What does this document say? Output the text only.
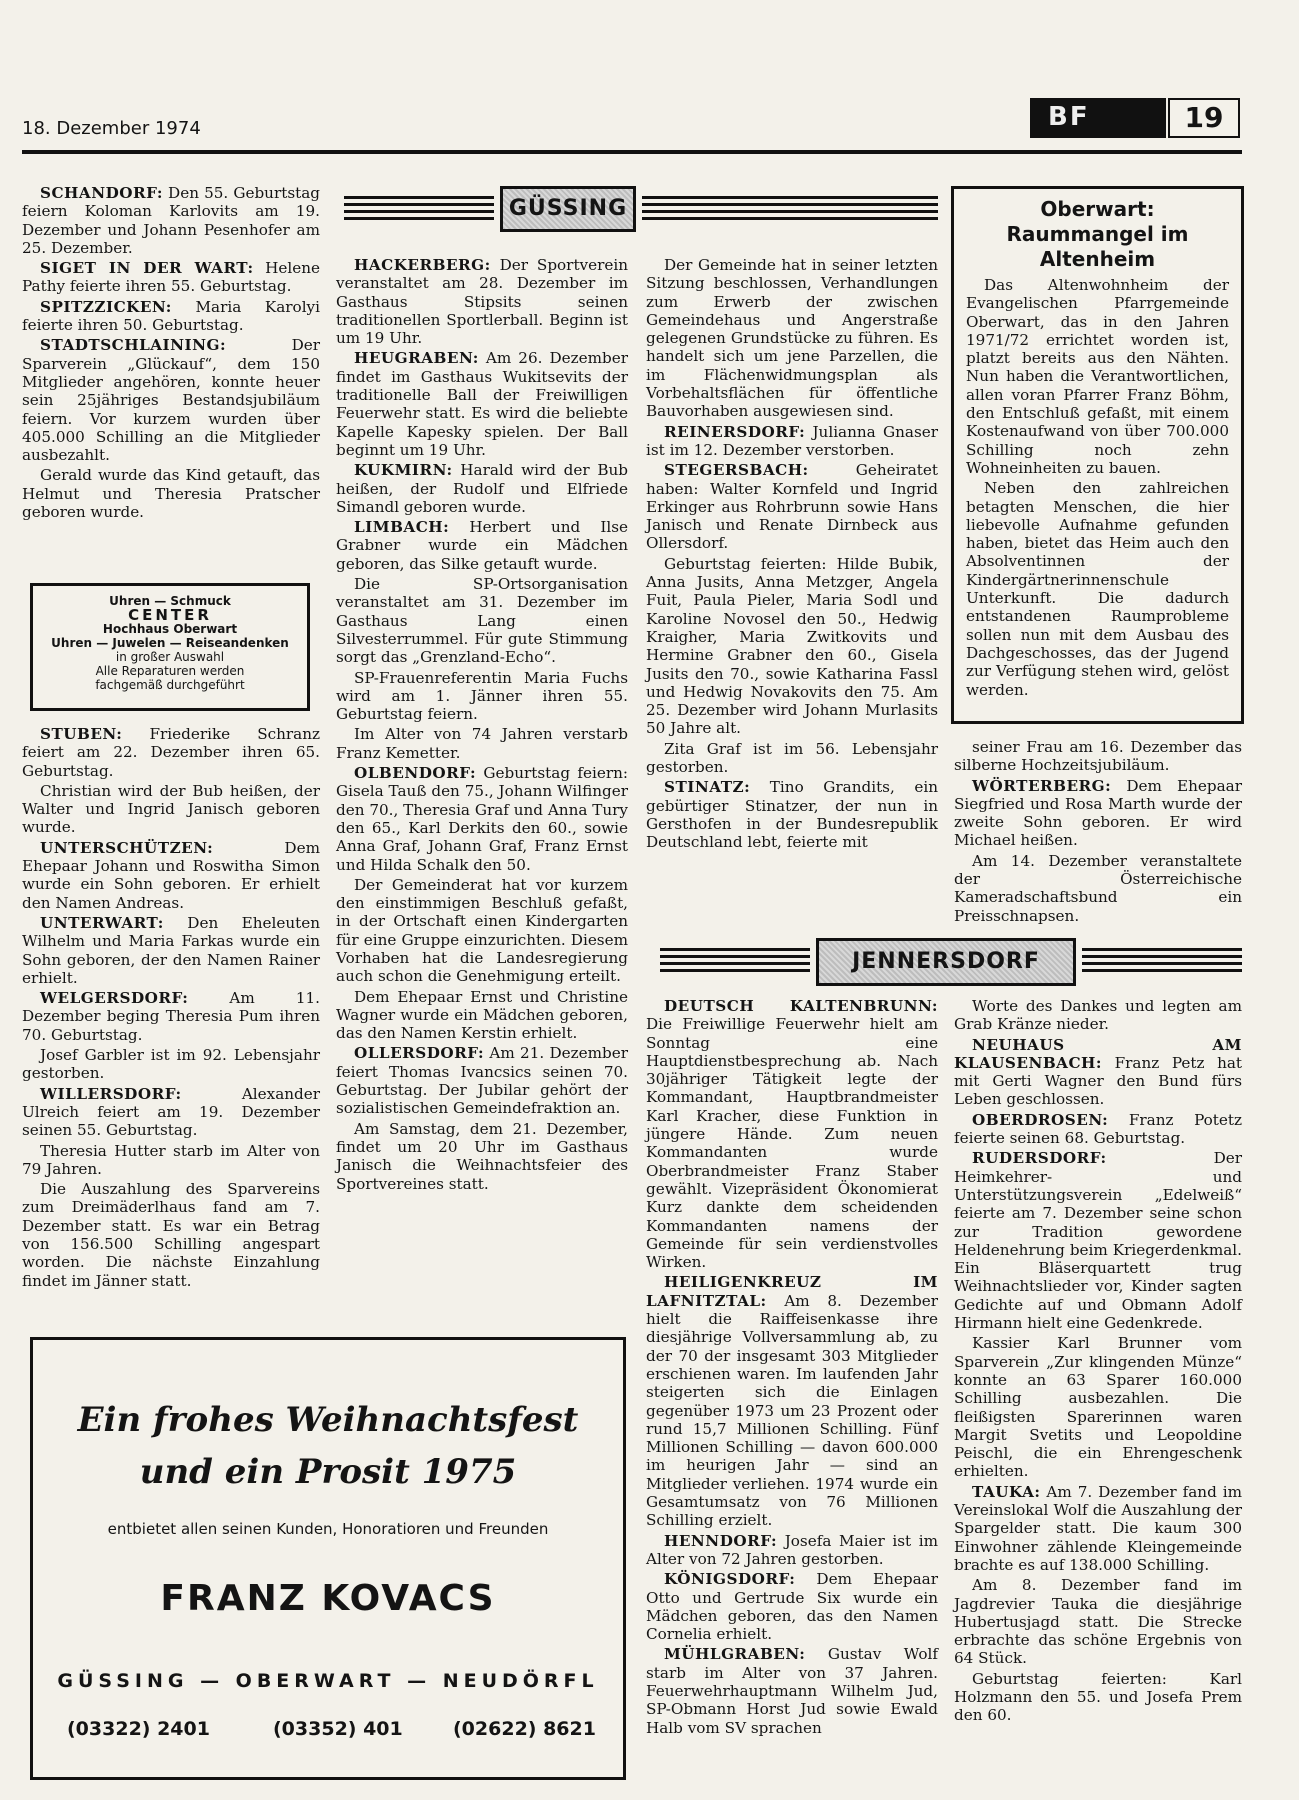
18. Dezember 1974	BF	19

SCHANDORF: Den 55. Geburtstag feiern Koloman Karlovits am 19. Dezember und Johann Pesenhofer am 25. Dezember.

SIGET IN DER WART: Helene Pathy feierte ihren 55. Geburtstag.

SPITZZICKEN: Maria Karolyi feierte ihren 50. Geburtstag.

STADTSCHLAINING:	Der Sparverein „Glückauf“, dem 150 Mitglieder angehören, konnte heuer sein 25jähriges Bestandsjubiläum feiern. Vor kurzem wurden über 405.000 Schilling an die Mitglieder ausbezahlt.

Gerald wurde das Kind getauft, das Helmut und Theresia Pratscher geboren wurde.

Uhren — Schmuck
CENTER
Hochhaus Oberwart
Uhren — Juwelen — Reiseandenken
in großer Auswahl
Alle Reparaturen werden
fachgemäß durchgeführt

STUBEN: Friederike Schranz feiert am 22. Dezember ihren 65. Geburtstag.

Christian wird der Bub heißen, der Walter und Ingrid Janisch geboren wurde.

UNTERSCHÜTZEN:	Dem Ehepaar Johann und Roswitha Simon wurde ein Sohn geboren. Er erhielt den Namen Andreas.

UNTERWART: Den Eheleuten Wilhelm und Maria Farkas wurde ein Sohn geboren, der den Namen Rainer erhielt.

WELGERSDORF:	Am 11. Dezember beging Theresia Pum ihren 70. Geburtstag.

Josef Garbler ist im 92. Lebensjahr gestorben.

WILLERSDORF:	Alexander Ulreich feiert am 19. Dezember seinen 55. Geburtstag.

Theresia Hutter starb im Alter von 79 Jahren.

Die Auszahlung des Sparvereins zum Dreimäderlhaus fand am 7. Dezember statt. Es war ein Betrag von 156.500 Schilling angespart worden. Die nächste Einzahlung findet im Jänner statt.

GÜSSING

HACKERBERG: Der Sportverein veranstaltet am 28. Dezember im Gasthaus Stipsits seinen traditionellen Sportlerball. Beginn ist um 19 Uhr.

HEUGRABEN: Am 26. Dezember findet im Gasthaus Wukitsevits der traditionelle Ball der Freiwilligen Feuerwehr statt. Es wird die beliebte Kapelle Kapesky spielen. Der Ball beginnt um 19 Uhr.

KUKMIRN: Harald wird der Bub heißen, der Rudolf und Elfriede Simandl geboren wurde.

LIMBACH: Herbert und Ilse Grabner wurde ein Mädchen geboren, das Silke getauft wurde.

Die SP-Ortsorganisation veranstaltet am 31. Dezember im Gasthaus Lang einen Silvesterrummel. Für gute Stimmung sorgt das „Grenzland-Echo“.

SP-Frauenreferentin Maria Fuchs wird am 1. Jänner ihren 55. Geburtstag feiern.

Im Alter von 74 Jahren verstarb Franz Kemetter.

OLBENDORF: Geburtstag feiern: Gisela Tauß den 75., Johann Wilfinger den 70., Theresia Graf und Anna Tury den 65., Karl Derkits den 60., sowie Anna Graf, Johann Graf, Franz Ernst und Hilda Schalk den 50.

Der Gemeinderat hat vor kurzem den einstimmigen Beschluß gefaßt, in der Ortschaft einen Kindergarten für eine Gruppe einzurichten. Diesem Vorhaben hat die Landesregierung auch schon die Genehmigung erteilt.

Dem Ehepaar Ernst und Christine Wagner wurde ein Mädchen geboren, das den Namen Kerstin erhielt.

OLLERSDORF: Am 21. Dezember feiert Thomas Ivancsics seinen 70. Geburtstag. Der Jubilar gehört der sozialistischen Gemeindefraktion an.

Am Samstag, dem 21. Dezember, findet um 20 Uhr im Gasthaus Janisch die Weihnachtsfeier des Sportvereines statt.

Der Gemeinde hat in seiner letzten Sitzung beschlossen, Verhandlungen zum Erwerb der zwischen Gemeindehaus und Angerstraße gelegenen Grundstücke zu führen. Es handelt sich um jene Parzellen, die im Flächenwidmungsplan als Vorbehaltsflächen für öffentliche Bauvorhaben ausgewiesen sind.

REINERSDORF: Julianna Gnaser ist im 12. Dezember verstorben.

STEGERSBACH:	Geheiratet haben: Walter Kornfeld und Ingrid Erkinger aus Rohrbrunn sowie Hans Janisch und Renate Dirnbeck aus Ollersdorf.

Geburtstag feierten: Hilde Bubik, Anna Jusits, Anna Metzger, Angela Fuit, Paula Pieler, Maria Sodl und Karoline Novosel den 50., Hedwig Kraigher, Maria Zwitkovits und Hermine Grabner den 60., Gisela Jusits den 70., sowie Katharina Fassl und Hedwig Novakovits den 75. Am 25. Dezember wird Johann Murlasits 50 Jahre alt.

Zita Graf ist im 56. Lebensjahr gestorben.

STINATZ: Tino Grandits, ein gebürtiger Stinatzer, der nun in Gersthofen in der Bundesrepublik Deutschland lebt, feierte mit

Oberwart: Raummangel im Altenheim

Das Altenwohnheim der Evangelischen Pfarrgemeinde Oberwart, das in den Jahren 1971/72 errichtet worden ist, platzt bereits aus den Nähten. Nun haben die Verantwortlichen, allen voran Pfarrer Franz Böhm, den Entschluß gefaßt, mit einem Kostenaufwand von über 700.000 Schilling noch zehn Wohneinheiten zu bauen.

Neben den zahlreichen betagten Menschen, die hier liebevolle Aufnahme gefunden haben, bietet das Heim auch den Absolventinnen der Kindergärtnerinnenschule Unterkunft. Die dadurch entstandenen Raumprobleme sollen nun mit dem Ausbau des Dachgeschosses, das der Jugend zur Verfügung stehen wird, gelöst werden.

seiner Frau am 16. Dezember das silberne Hochzeitsjubiläum.

WÖRTERBERG: Dem Ehepaar Siegfried und Rosa Marth wurde der zweite Sohn geboren. Er wird Michael heißen.

Am 14. Dezember veranstaltete der Österreichische Kameradschaftsbund ein Preisschnapsen.

JENNERSDORF

DEUTSCH KALTENBRUNN: Die Freiwillige Feuerwehr hielt am Sonntag eine Hauptdienstbesprechung ab. Nach 30jähriger Tätigkeit legte der Kommandant, Hauptbrandmeister Karl Kracher, diese Funktion in jüngere Hände. Zum neuen Kommandanten wurde Oberbrandmeister Franz Staber gewählt. Vizepräsident Ökonomierat Kurz dankte dem scheidenden Kommandanten namens der Gemeinde für sein verdienstvolles Wirken.

HEILIGENKREUZ IM LAFNITZTAL: Am 8. Dezember hielt die Raiffeisenkasse ihre diesjährige Vollversammlung ab, zu der 70 der insgesamt 303 Mitglieder erschienen waren. Im laufenden Jahr steigerten sich die Einlagen gegenüber 1973 um 23 Prozent oder rund 15,7 Millionen Schilling. Fünf Millionen Schilling — davon 600.000 im heurigen Jahr — sind an Mitglieder verliehen. 1974 wurde ein Gesamtumsatz von 76 Millionen Schilling erzielt.

HENNDORF: Josefa Maier ist im Alter von 72 Jahren gestorben.

KÖNIGSDORF: Dem Ehepaar Otto und Gertrude Six wurde ein Mädchen geboren, das den Namen Cornelia erhielt.

MÜHLGRABEN: Gustav Wolf starb im Alter von 37 Jahren. Feuerwehrhauptmann Wilhelm Jud, SP-Obmann Horst Jud sowie Ewald Halb vom SV sprachen

Worte des Dankes und legten am Grab Kränze nieder.

NEUHAUS AM KLAUSENBACH: Franz Petz hat mit Gerti Wagner den Bund fürs Leben geschlossen.

OBERDROSEN: Franz Potetz feierte seinen 68. Geburtstag.

RUDERSDORF:	Der Heimkehrer- und Unterstützungsverein „Edelweiß“ feierte am 7. Dezember seine schon zur Tradition gewordene Heldenehrung beim Kriegerdenkmal. Ein Bläserquartett trug Weihnachtslieder vor, Kinder sagten Gedichte auf und Obmann Adolf Hirmann hielt eine Gedenkrede.

Kassier Karl Brunner vom Sparverein „Zur klingenden Münze“ konnte an 63 Sparer 160.000 Schilling ausbezahlen. Die fleißigsten Sparerinnen waren Margit Svetits und Leopoldine Peischl, die ein Ehrengeschenk erhielten.

TAUKA: Am 7. Dezember fand im Vereinslokal Wolf die Auszahlung der Spargelder statt. Die kaum 300 Einwohner zählende Kleingemeinde brachte es auf 138.000 Schilling.

Am 8. Dezember fand im Jagdrevier Tauka die diesjährige Hubertusjagd statt. Die Strecke erbrachte das schöne Ergebnis von 64 Stück.

Geburtstag feierten: Karl Holzmann den 55. und Josefa Prem den 60.

Ein frohes Weihnachtsfest
und ein Prosit 1975
entbietet allen seinen Kunden, Honoratioren und Freunden
FRANZ KOVACS
GÜSSING — OBERWART — NEUDÖRFL
(03322) 2401	(03352) 401	(02622) 8621
